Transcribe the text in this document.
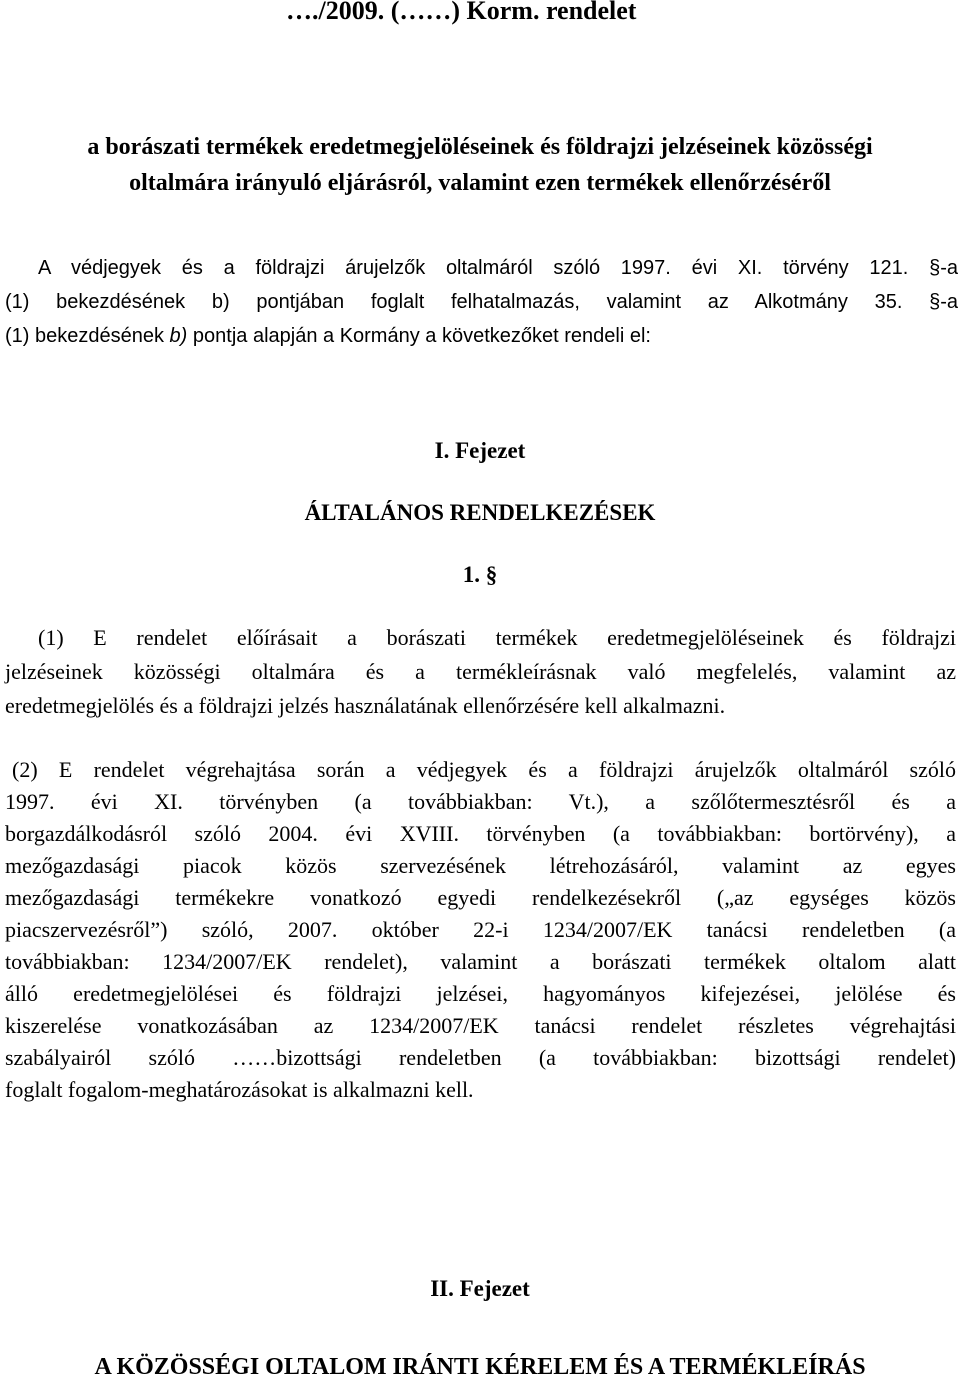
…./2009. (……) Korm. rendelet

a borászati termékek eredetmegjelöléseinek és földrajzi jelzéseinek közösségi

oltalmára irányuló eljárásról, valamint ezen termékek ellenőrzéséről

A védjegyek és a földrajzi árujelzők oltalmáról szóló 1997. évi XI. törvény 121. §-a

(1) bekezdésének b) pontjában foglalt felhatalmazás, valamint az Alkotmány 35. §-a

(1) bekezdésének b) pontja alapján a Kormány a következőket rendeli el:

I. Fejezet

ÁLTALÁNOS RENDELKEZÉSEK

1. §

(1) E rendelet előírásait a borászati termékek eredetmegjelöléseinek és földrajzi

jelzéseinek közösségi oltalmára és a termékleírásnak való megfelelés, valamint az

eredetmegjelölés és a földrajzi jelzés használatának ellenőrzésére kell alkalmazni.

(2) E rendelet végrehajtása során a védjegyek és a földrajzi árujelzők oltalmáról szóló

1997. évi XI. törvényben (a továbbiakban: Vt.), a szőlőtermesztésről és a

borgazdálkodásról szóló 2004. évi XVIII. törvényben (a továbbiakban: bortörvény), a

mezőgazdasági piacok közös szervezésének létrehozásáról, valamint az egyes

mezőgazdasági termékekre vonatkozó egyedi rendelkezésekről („az egységes közös

piacszervezésről”) szóló, 2007. október 22-i 1234/2007/EK tanácsi rendeletben (a

továbbiakban: 1234/2007/EK rendelet), valamint a borászati termékek oltalom alatt

álló eredetmegjelölései és földrajzi jelzései, hagyományos kifejezései, jelölése és

kiszerelése vonatkozásában az 1234/2007/EK tanácsi rendelet részletes végrehajtási

szabályairól szóló ……bizottsági rendeletben (a továbbiakban: bizottsági rendelet)

foglalt fogalom-meghatározásokat is alkalmazni kell.

II. Fejezet

A KÖZÖSSÉGI OLTALOM IRÁNTI KÉRELEM ÉS A TERMÉKLEÍRÁS
